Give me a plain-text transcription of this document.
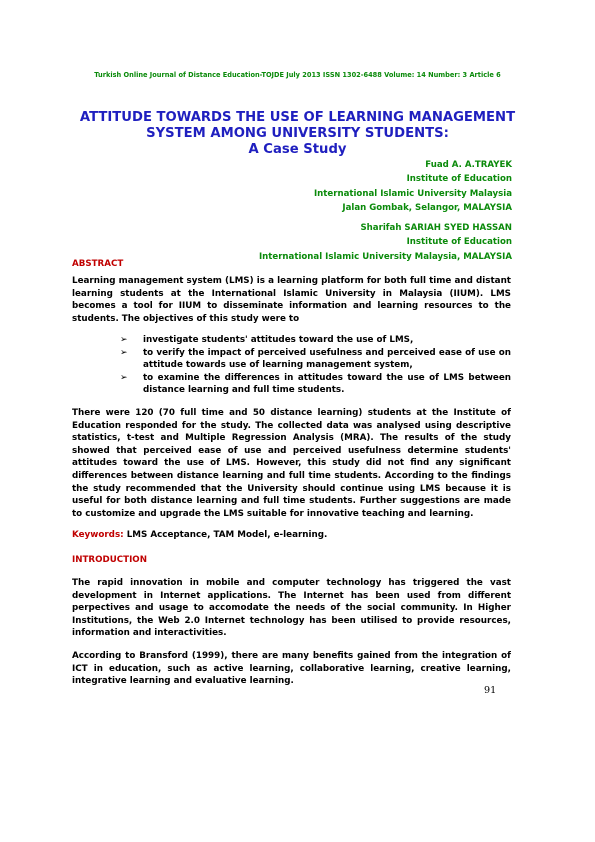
Turkish Online Journal of Distance Education-TOJDE July 2013 ISSN 1302-6488 Volume: 14 Number: 3 Article 6
ATTITUDE TOWARDS THE USE OF LEARNING MANAGEMENT
SYSTEM AMONG UNIVERSITY STUDENTS:
A Case Study
Fuad A. A.TRAYEK
Institute of Education
International Islamic University Malaysia
Jalan Gombak, Selangor, MALAYSIA
Sharifah SARIAH SYED HASSAN
Institute of Education
International Islamic University Malaysia, MALAYSIA
ABSTRACT
Learning management system (LMS) is a learning platform for both full time and distant learning students at the International Islamic University in Malaysia (IIUM). LMS becomes a tool for IIUM to disseminate information and learning resources to the students. The objectives of this study were to
➢ investigate students' attitudes toward the use of LMS,
➢ to verify the impact of perceived usefulness and perceived ease of use on attitude towards use of learning management system,
➢ to examine the differences in attitudes toward the use of LMS between distance learning and full time students.
There were 120 (70 full time and 50 distance learning) students at the Institute of Education responded for the study. The collected data was analysed using descriptive statistics, t-test and Multiple Regression Analysis (MRA). The results of the study showed that perceived ease of use and perceived usefulness determine students' attitudes toward the use of LMS. However, this study did not find any significant differences between distance learning and full time students. According to the findings the study recommended that the University should continue using LMS because it is useful for both distance learning and full time students. Further suggestions are made to customize and upgrade the LMS suitable for innovative teaching and learning.
Keywords: LMS Acceptance, TAM Model, e-learning.
INTRODUCTION
The rapid innovation in mobile and computer technology has triggered the vast development in Internet applications. The Internet has been used from different perpectives and usage to accomodate the needs of the social community. In Higher Institutions, the Web 2.0 Internet technology has been utilised to provide resources, information and interactivities.
According to Bransford (1999), there are many benefits gained from the integration of ICT in education, such as active learning, collaborative learning, creative learning, integrative learning and evaluative learning.
91
